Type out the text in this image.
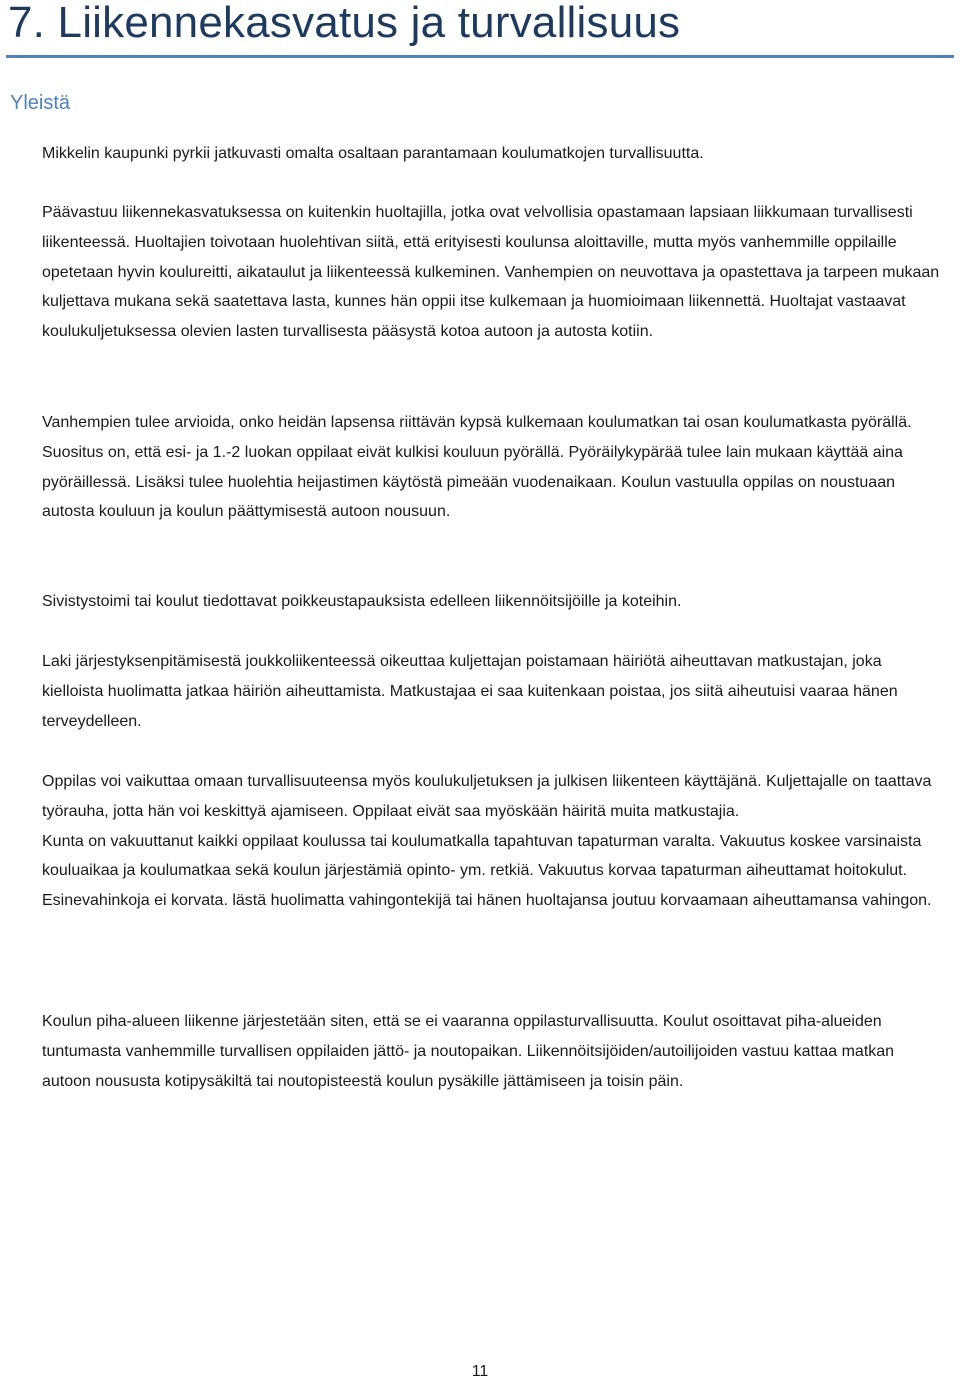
7. Liikennekasvatus ja turvallisuus
Yleistä

Mikkelin kaupunki pyrkii jatkuvasti omalta osaltaan parantamaan koulumatkojen turvallisuutta.

Päävastuu liikennekasvatuksessa on kuitenkin huoltajilla, jotka ovat velvollisia opastamaan lapsiaan liikkumaan turvallisesti liikenteessä. Huoltajien toivotaan huolehtivan siitä, että erityisesti koulunsa aloittaville, mutta myös vanhemmille oppilaille opetetaan hyvin koulureitti, aikataulut ja liikenteessä kulkeminen. Vanhempien on neuvottava ja opastettava ja tarpeen mukaan kuljettava mukana sekä saatettava lasta, kunnes hän oppii itse kulkemaan ja huomioimaan liikennettä. Huoltajat vastaavat koulukuljetuksessa olevien lasten turvallisesta pääsystä kotoa autoon ja autosta kotiin.

Vanhempien tulee arvioida, onko heidän lapsensa riittävän kypsä kulkemaan koulumatkan tai osan koulumatkasta pyörällä. Suositus on, että esi- ja 1.-2 luokan oppilaat eivät kulkisi kouluun pyörällä. Pyöräilykypärää tulee lain mukaan käyttää aina pyöräillessä. Lisäksi tulee huolehtia heijastimen käytöstä pimeään vuodenaikaan. Koulun vastuulla oppilas on noustuaan autosta kouluun ja koulun päättymisestä autoon nousuun.

Sivistystoimi tai koulut tiedottavat poikkeustapauksista edelleen liikennöitsijöille ja koteihin.

Laki järjestyksenpitämisestä joukkoliikenteessä oikeuttaa kuljettajan poistamaan häiriötä aiheuttavan matkustajan, joka kielloista huolimatta jatkaa häiriön aiheuttamista. Matkustajaa ei saa kuitenkaan poistaa, jos siitä aiheutuisi vaaraa hänen terveydelleen.

Oppilas voi vaikuttaa omaan turvallisuuteensa myös koulukuljetuksen ja julkisen liikenteen käyttäjänä. Kuljettajalle on taattava työrauha, jotta hän voi keskittyä ajamiseen. Oppilaat eivät saa myöskään häiritä muita matkustajia.
Kunta on vakuuttanut kaikki oppilaat koulussa tai koulumatkalla tapahtuvan tapaturman varalta. Vakuutus koskee varsinaista kouluaikaa ja koulumatkaa sekä koulun järjestämiä opinto- ym. retkiä. Vakuutus korvaa tapaturman aiheuttamat hoitokulut. Esinevahinkoja ei korvata. lästä huolimatta vahingontekijä tai hänen huoltajansa joutuu korvaamaan aiheuttamansa vahingon.

Koulun piha-alueen liikenne järjestetään siten, että se ei vaaranna oppilasturvallisuutta. Koulut osoittavat piha-alueiden tuntumasta vanhemmille turvallisen oppilaiden jättö- ja noutopaikan. Liikennöitsijöiden/autoilijoiden vastuu kattaa matkan autoon noususta kotipysäkiltä tai noutopisteestä koulun pysäkille jättämiseen ja toisin päin.

11
